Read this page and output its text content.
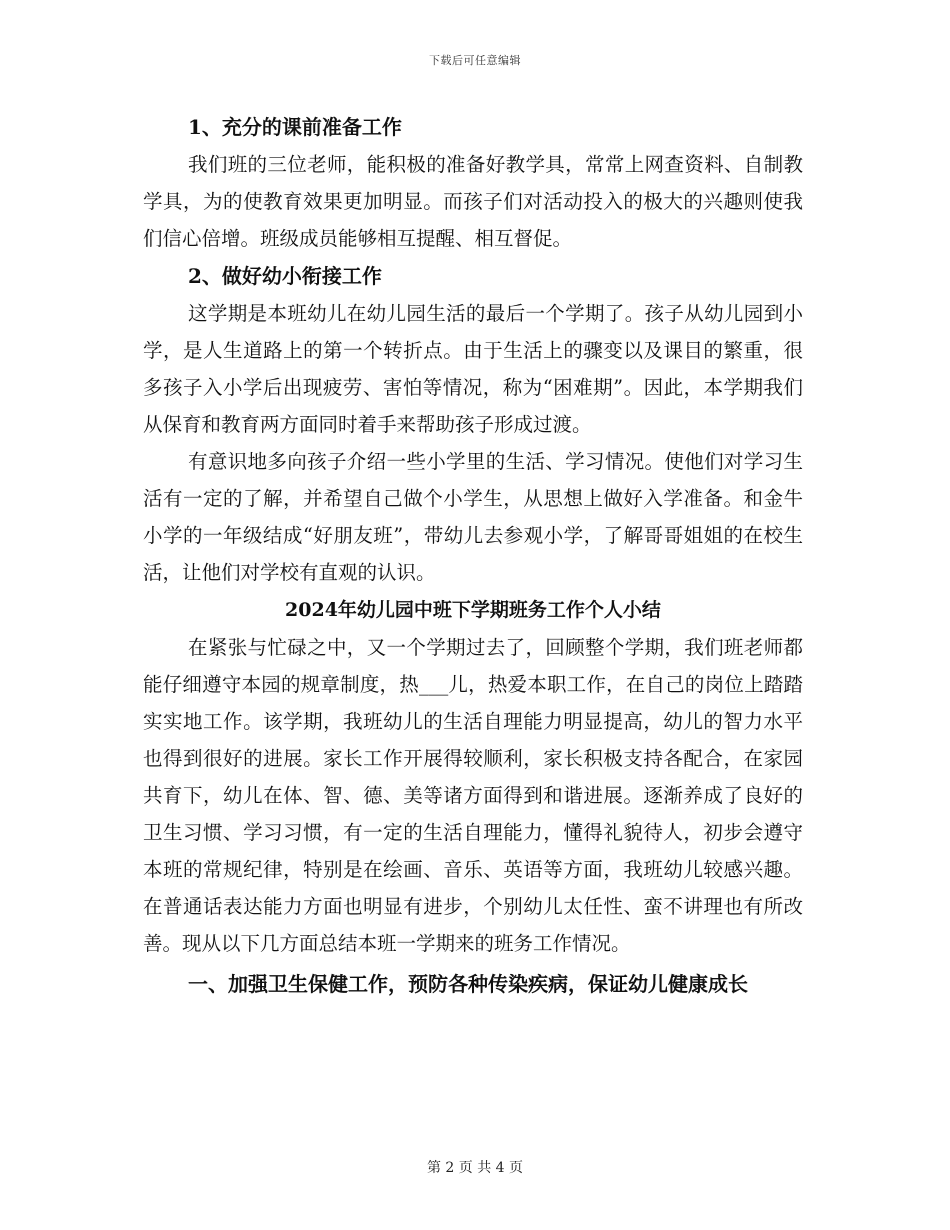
下载后可任意编辑
1、充分的课前准备工作

我们班的三位老师，能积极的准备好教学具，常常上网查资料、自制教学具，为的使教育效果更加明显。而孩子们对活动投入的极大的兴趣则使我们信心倍增。班级成员能够相互提醒、相互督促。

2、做好幼小衔接工作

这学期是本班幼儿在幼儿园生活的最后一个学期了。孩子从幼儿园到小学，是人生道路上的第一个转折点。由于生活上的骤变以及课目的繁重，很多孩子入小学后出现疲劳、害怕等情况，称为“困难期”。因此，本学期我们从保育和教育两方面同时着手来帮助孩子形成过渡。

有意识地多向孩子介绍一些小学里的生活、学习情况。使他们对学习生活有一定的了解，并希望自己做个小学生，从思想上做好入学准备。和金牛小学的一年级结成“好朋友班”，带幼儿去参观小学，了解哥哥姐姐的在校生活，让他们对学校有直观的认识。

2024年幼儿园中班下学期班务工作个人小结

在紧张与忙碌之中，又一个学期过去了，回顾整个学期，我们班老师都能仔细遵守本园的规章制度，热___儿，热爱本职工作，在自己的岗位上踏踏实实地工作。该学期，我班幼儿的生活自理能力明显提高，幼儿的智力水平也得到很好的进展。家长工作开展得较顺利，家长积极支持各配合，在家园共育下，幼儿在体、智、德、美等诸方面得到和谐进展。逐渐养成了良好的卫生习惯、学习习惯，有一定的生活自理能力，懂得礼貌待人，初步会遵守本班的常规纪律，特别是在绘画、音乐、英语等方面，我班幼儿较感兴趣。在普通话表达能力方面也明显有进步，个别幼儿太任性、蛮不讲理也有所改善。现从以下几方面总结本班一学期来的班务工作情况。

一、加强卫生保健工作，预防各种传染疾病，保证幼儿健康成长
第 2 页 共 4 页
